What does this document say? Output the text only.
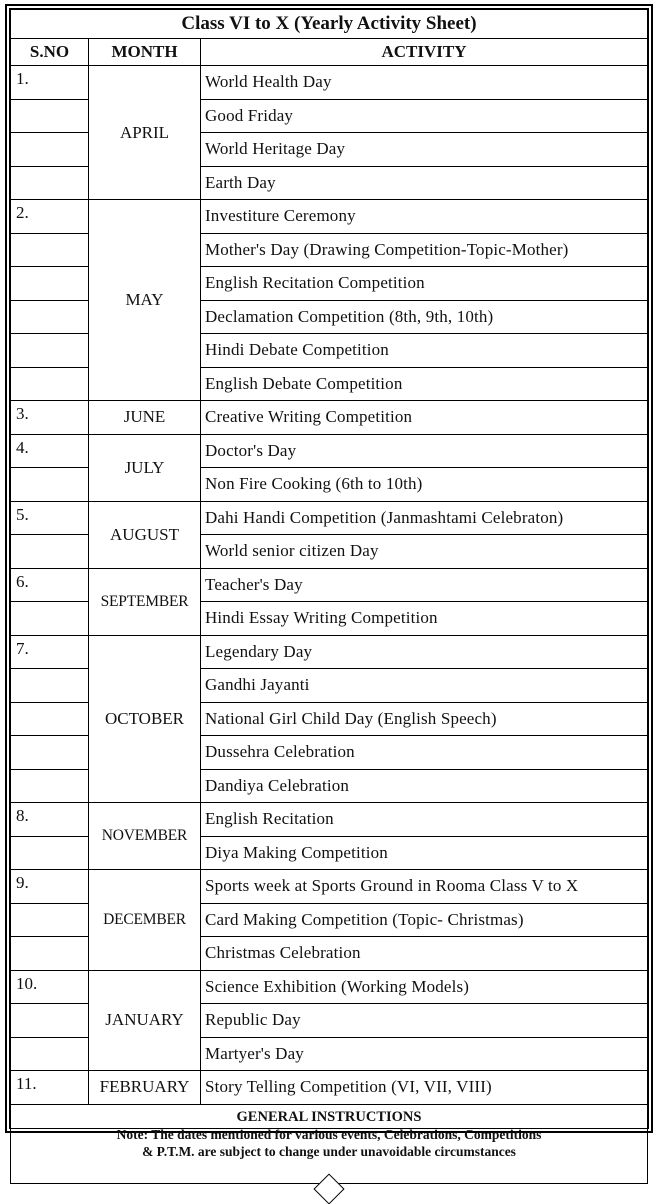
Class VI to X (Yearly Activity Sheet)		
S.NO	MONTH	ACTIVITY
1.	APRIL	World Health Day
		Good Friday
		World Heritage Day
		Earth Day
2.	MAY	Investiture Ceremony
		Mother's Day (Drawing Competition-Topic-Mother)
		English Recitation Competition
		Declamation Competition (8th, 9th, 10th)
		Hindi Debate Competition
		English Debate Competition
3.	JUNE	Creative Writing Competition
4.	JULY	Doctor's Day
		Non Fire Cooking (6th to 10th)
5.	AUGUST	Dahi Handi Competition (Janmashtami Celebraton)
		World senior citizen Day
6.	SEPTEMBER	Teacher's Day
		Hindi Essay Writing Competition
7.	OCTOBER	Legendary Day
		Gandhi Jayanti
		National Girl Child Day (English Speech)
		Dussehra Celebration
		Dandiya Celebration
8.	NOVEMBER	English Recitation
		Diya Making Competition
9.	DECEMBER	Sports week at Sports Ground in Rooma Class V to X
		Card Making Competition (Topic- Christmas)
		Christmas Celebration
10.	JANUARY	Science Exhibition (Working Models)
		Republic Day
		Martyer's Day
11.	FEBRUARY	Story Telling Competition (VI, VII, VIII)

GENERAL INSTRUCTIONS
Note: The dates mentioned for various events, Celebrations, Competitions
& P.T.M. are subject to change under unavoidable circumstances		
